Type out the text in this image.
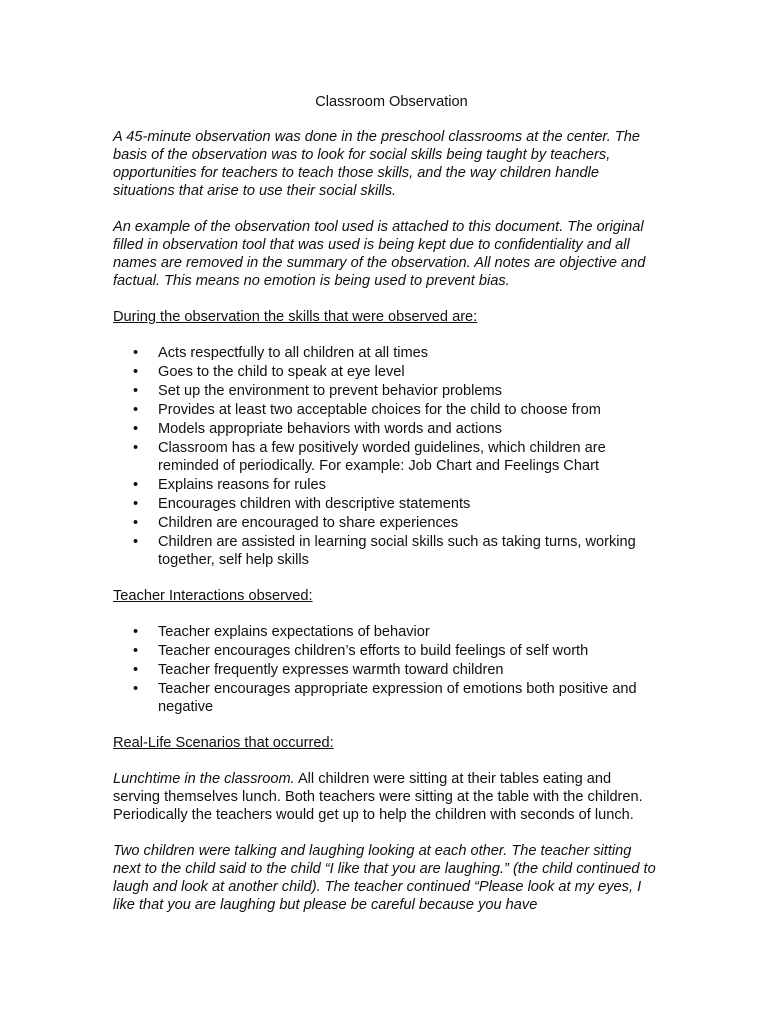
Classroom Observation

A 45-minute observation was done in the preschool classrooms at the center. The basis of the observation was to look for social skills being taught by teachers, opportunities for teachers to teach those skills, and the way children handle situations that arise to use their social skills.

An example of the observation tool used is attached to this document. The original filled in observation tool that was used is being kept due to confidentiality and all names are removed in the summary of the observation. All notes are objective and factual. This means no emotion is being used to prevent bias.

During the observation the skills that were observed are:

• Acts respectfully to all children at all times
• Goes to the child to speak at eye level
• Set up the environment to prevent behavior problems
• Provides at least two acceptable choices for the child to choose from
• Models appropriate behaviors with words and actions
• Classroom has a few positively worded guidelines, which children are reminded of periodically. For example: Job Chart and Feelings Chart
• Explains reasons for rules
• Encourages children with descriptive statements
• Children are encouraged to share experiences
• Children are assisted in learning social skills such as taking turns, working together, self help skills

Teacher Interactions observed:

• Teacher explains expectations of behavior
• Teacher encourages children’s efforts to build feelings of self worth
• Teacher frequently expresses warmth toward children
• Teacher encourages appropriate expression of emotions both positive and negative

Real-Life Scenarios that occurred:

Lunchtime in the classroom. All children were sitting at their tables eating and serving themselves lunch. Both teachers were sitting at the table with the children. Periodically the teachers would get up to help the children with seconds of lunch.

Two children were talking and laughing looking at each other. The teacher sitting next to the child said to the child “I like that you are laughing.” (the child continued to laugh and look at another child). The teacher continued “Please look at my eyes, I like that you are laughing but please be careful because you have
